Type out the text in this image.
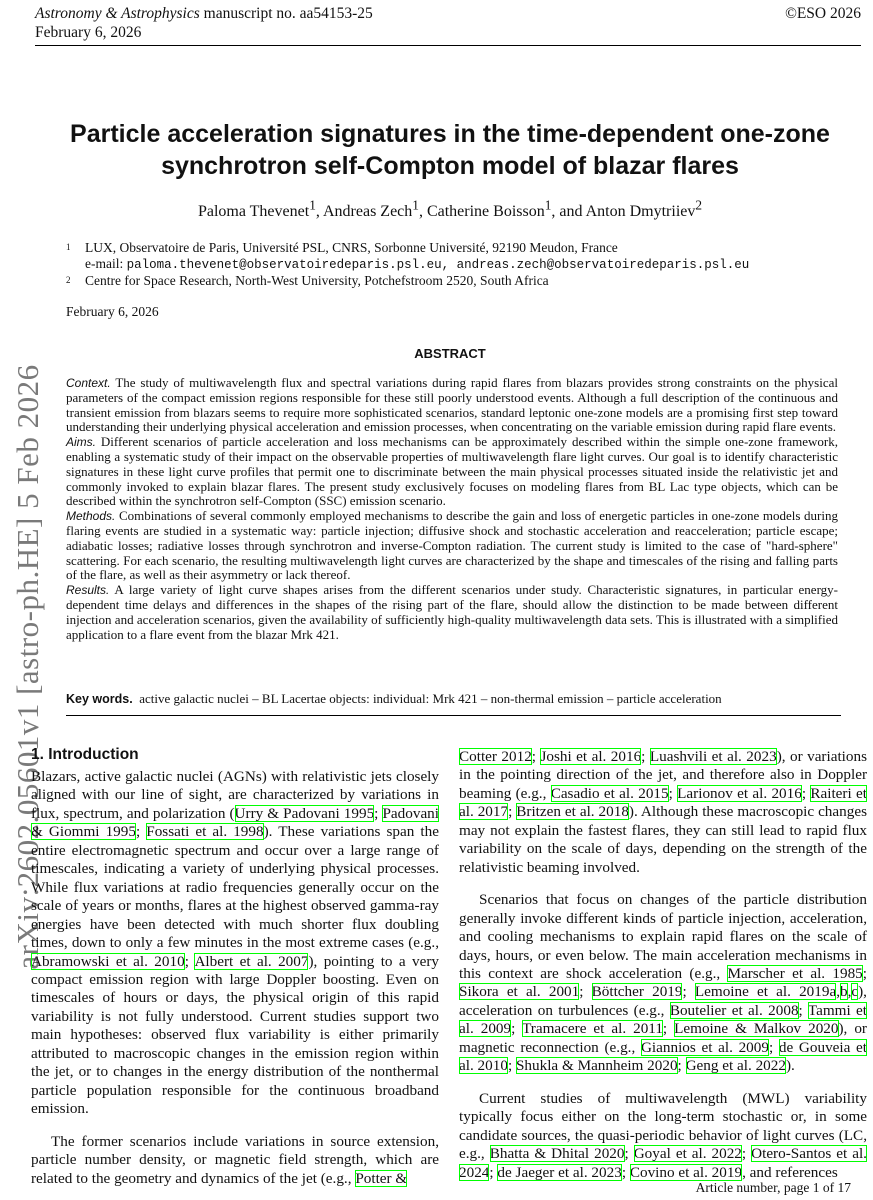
Astronomy & Astrophysics manuscript no. aa54153-25
February 6, 2026
©ESO 2026
arXiv:2602.05601v1 [astro-ph.HE] 5 Feb 2026
Particle acceleration signatures in the time-dependent one-zone
synchrotron self-Compton model of blazar flares
Paloma Thevenet$^1$, Andreas Zech$^1$, Catherine Boisson$^1$, and Anton Dmytriiev$^2$
1 LUX, Observatoire de Paris, Université PSL, CNRS, Sorbonne Université, 92190 Meudon, France
e-mail: paloma.thevenet@observatoiredeparis.psl.eu, andreas.zech@observatoiredeparis.psl.eu
2 Centre for Space Research, North-West University, Potchefstroom 2520, South Africa
February 6, 2026
ABSTRACT

Context. The study of multiwavelength flux and spectral variations during rapid flares from blazars provides strong constraints on the physical parameters of the compact emission regions responsible for these still poorly understood events. Although a full description of the continuous and transient emission from blazars seems to require more sophisticated scenarios, standard leptonic one-zone models are a promising first step toward understanding their underlying physical acceleration and emission processes, when concentrating on the variable emission during rapid flare events.

Aims. Different scenarios of particle acceleration and loss mechanisms can be approximately described within the simple one-zone framework, enabling a systematic study of their impact on the observable properties of multiwavelength flare light curves. Our goal is to identify characteristic signatures in these light curve profiles that permit one to discriminate between the main physical processes situated inside the relativistic jet and commonly invoked to explain blazar flares. The present study exclusively focuses on modeling flares from BL Lac type objects, which can be described within the synchrotron self-Compton (SSC) emission scenario.

Methods. Combinations of several commonly employed mechanisms to describe the gain and loss of energetic particles in one-zone models during flaring events are studied in a systematic way: particle injection; diffusive shock and stochastic acceleration and reacceleration; particle escape; adiabatic losses; radiative losses through synchrotron and inverse-Compton radiation. The current study is limited to the case of "hard-sphere" scattering. For each scenario, the resulting multiwavelength light curves are characterized by the shape and timescales of the rising and falling parts of the flare, as well as their asymmetry or lack thereof.

Results. A large variety of light curve shapes arises from the different scenarios under study. Characteristic signatures, in particular energy-dependent time delays and differences in the shapes of the rising part of the flare, should allow the distinction to be made between different injection and acceleration scenarios, given the availability of sufficiently high-quality multiwavelength data sets. This is illustrated with a simplified application to a flare event from the blazar Mrk 421.

Key words. active galactic nuclei – BL Lacertae objects: individual: Mrk 421 – non-thermal emission – particle acceleration
1. Introduction

Blazars, active galactic nuclei (AGNs) with relativistic jets closely aligned with our line of sight, are characterized by variations in flux, spectrum, and polarization (Urry & Padovani 1995; Padovani & Giommi 1995; Fossati et al. 1998). These variations span the entire electromagnetic spectrum and occur over a large range of timescales, indicating a variety of underlying physical processes. While flux variations at radio frequencies generally occur on the scale of years or months, flares at the highest observed gamma-ray energies have been detected with much shorter flux doubling times, down to only a few minutes in the most extreme cases (e.g., Abramowski et al. 2010; Albert et al. 2007), pointing to a very compact emission region with large Doppler boosting. Even on timescales of hours or days, the physical origin of this rapid variability is not fully understood. Current studies support two main hypotheses: observed flux variability is either primarily attributed to macroscopic changes in the emission region within the jet, or to changes in the energy distribution of the nonthermal particle population responsible for the continuous broadband emission.

The former scenarios include variations in source extension, particle number density, or magnetic field strength, which are related to the geometry and dynamics of the jet (e.g., Potter &

Cotter 2012; Joshi et al. 2016; Luashvili et al. 2023), or variations in the pointing direction of the jet, and therefore also in Doppler beaming (e.g., Casadio et al. 2015; Larionov et al. 2016; Raiteri et al. 2017; Britzen et al. 2018). Although these macroscopic changes may not explain the fastest flares, they can still lead to rapid flux variability on the scale of days, depending on the strength of the relativistic beaming involved.

Scenarios that focus on changes of the particle distribution generally invoke different kinds of particle injection, acceleration, and cooling mechanisms to explain rapid flares on the scale of days, hours, or even below. The main acceleration mechanisms in this context are shock acceleration (e.g., Marscher et al. 1985; Sikora et al. 2001; Böttcher 2019; Lemoine et al. 2019a,b,c), acceleration on turbulences (e.g., Boutelier et al. 2008; Tammi et al. 2009; Tramacere et al. 2011; Lemoine & Malkov 2020), or magnetic reconnection (e.g., Giannios et al. 2009; de Gouveia et al. 2010; Shukla & Mannheim 2020; Geng et al. 2022).

Current studies of multiwavelength (MWL) variability typically focus either on the long-term stochastic or, in some candidate sources, the quasi-periodic behavior of light curves (LC, e.g., Bhatta & Dhital 2020; Goyal et al. 2022; Otero-Santos et al. 2024; de Jaeger et al. 2023; Covino et al. 2019, and references

Article number, page 1 of 17
